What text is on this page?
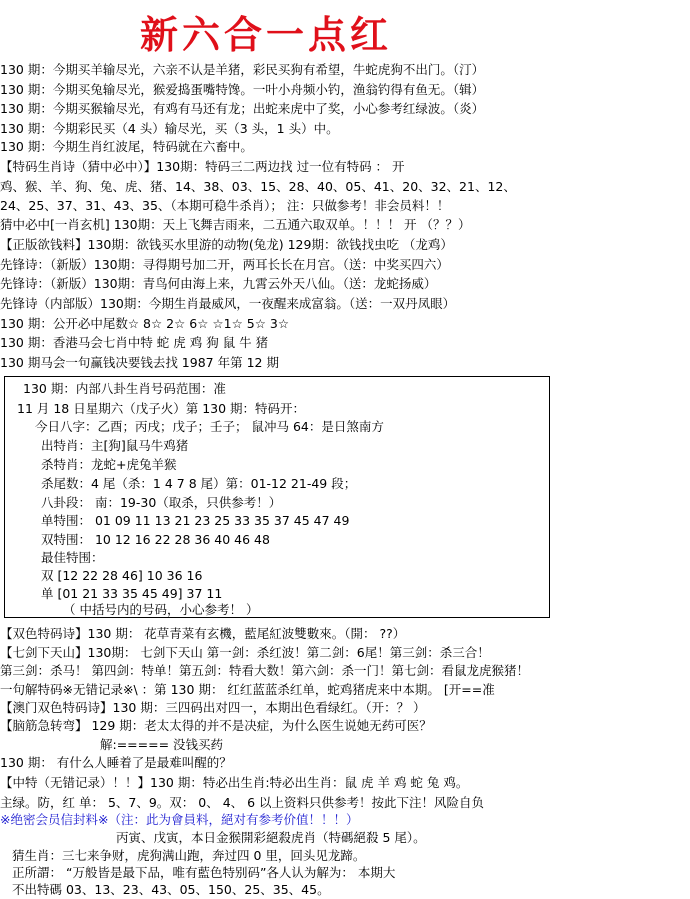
新六合一点红
130 期：今期买羊输尽光，六亲不认是羊猪，彩民买狗有希望，牛蛇虎狗不出门。（汀）
130 期：今期买兔输尽光，猴爱捣蛋嘴特馋。一叶小舟频小钓，渔翁钓得有鱼无。（辑）
130 期：今期买猴输尽光，有鸡有马还有龙；出蛇来虎中了奖，小心参考红绿波。（炎）
130 期：今期彩民买（4 头）输尽光，买（3 头，1 头）中。
130 期：今期生肖红波尾，特码就在六畜中。
【特码生肖诗（猜中必中）】130期：特码三二两边找 过一位有特码 ： 开
鸡、猴、羊、狗、兔、虎、猪、14、38、03、15、28、40、05、41、20、32、21、12、
24、25、37、31、43、35、（本期可稳牛杀肖）； 注：只做参考！非会员料！！
猜中必中[一肖玄机] 130期：天上飞舞吉雨来，二五通六取双单。！！！ 开 （？？）
【正版欲钱料】130期：欲钱买水里游的动物(兔龙) 129期：欲钱找虫吃 （龙鸡）
先锋诗：（新版）130期：寻得期号加二开，两耳长长在月宫。（送：中奖买四六）
先锋诗：（新版）130期：青鸟何由海上来，九霄云外天八仙。（送：龙蛇扬威）
先锋诗（内部版）130期：今期生肖最威风，一夜醒来成富翁。（送：一双丹凤眼）
130 期：公开必中尾数☆ 8☆ 2☆ 6☆ ☆1☆ 5☆ 3☆
130 期：香港马会七肖中特 蛇 虎 鸡 狗 鼠 牛 猪
130 期马会一句赢钱决要钱去找 1987 年第 12 期
130 期：内部八卦生肖号码范围：准
11 月 18 日星期六（戊子火）第 130 期：特码开：
今日八字：乙酉；丙戌；戊子；壬子； 鼠冲马 64：是日煞南方
出特肖：主[狗]鼠马牛鸡猪
杀特肖：龙蛇+虎兔羊猴
杀尾数：4 尾（杀：1 4 7 8 尾）第：01-12 21-49 段；
八卦段： 南：19-30（取杀，只供参考！）
单特围： 01 09 11 13 21 23 25 33 35 37 45 47 49
双特围： 10 12 16 22 28 36 40 46 48
最佳特围：
双 [12 22 28 46] 10 36 16
单 [01 21 33 35 45 49] 37 11
（ 中括号内的号码，小心参考！ ）
【双色特码诗】130 期： 花草青菜有玄機，藍尾紅波雙數來。（開： ??）
【七剑下天山】130期： 七剑下天山 第一剑：杀红波！第二剑：6尾！第三剑：杀三合！
第三剑：杀马！ 第四剑：特单！第五剑：特看大数！第六剑：杀一门！第七剑：看鼠龙虎猴猪！
一句解特码※无错记录※\ ：第 130 期： 红红蓝蓝杀红单，蛇鸡猪虎来中本期。 [开==准
【澳门双色特码诗】130 期：三四码出对四一，本期出色看绿红。（开：？ ）
【脑筋急转弯】 129 期：老太太得的并不是决症，为什么医生说她无药可医？
解:===== 没钱买药
130 期： 有什么人睡着了是最难叫醒的？
【中特（无错记录）！！】130 期：特必出生肖:特必出生肖：鼠 虎 羊 鸡 蛇 兔 鸡。
主绿。防，红 单： 5、7、9。双： 0、 4、 6 以上资料只供参考！按此下注！风险自负
※绝密会员信封料※（注：此为會員料，絕对有参考价值！！！）
丙寅、戊寅，本日金猴開彩絕殺虎肖（特碼絕殺 5 尾）。
猜生肖：三七来争财，虎狗满山跑，奔过四 0 里，回头见龙蹄。
正所謂： “万般皆是最下品，唯有藍色特别码”各人认为解为： 本期大
不出特碼 03、13、23、43、05、150、25、35、45。
